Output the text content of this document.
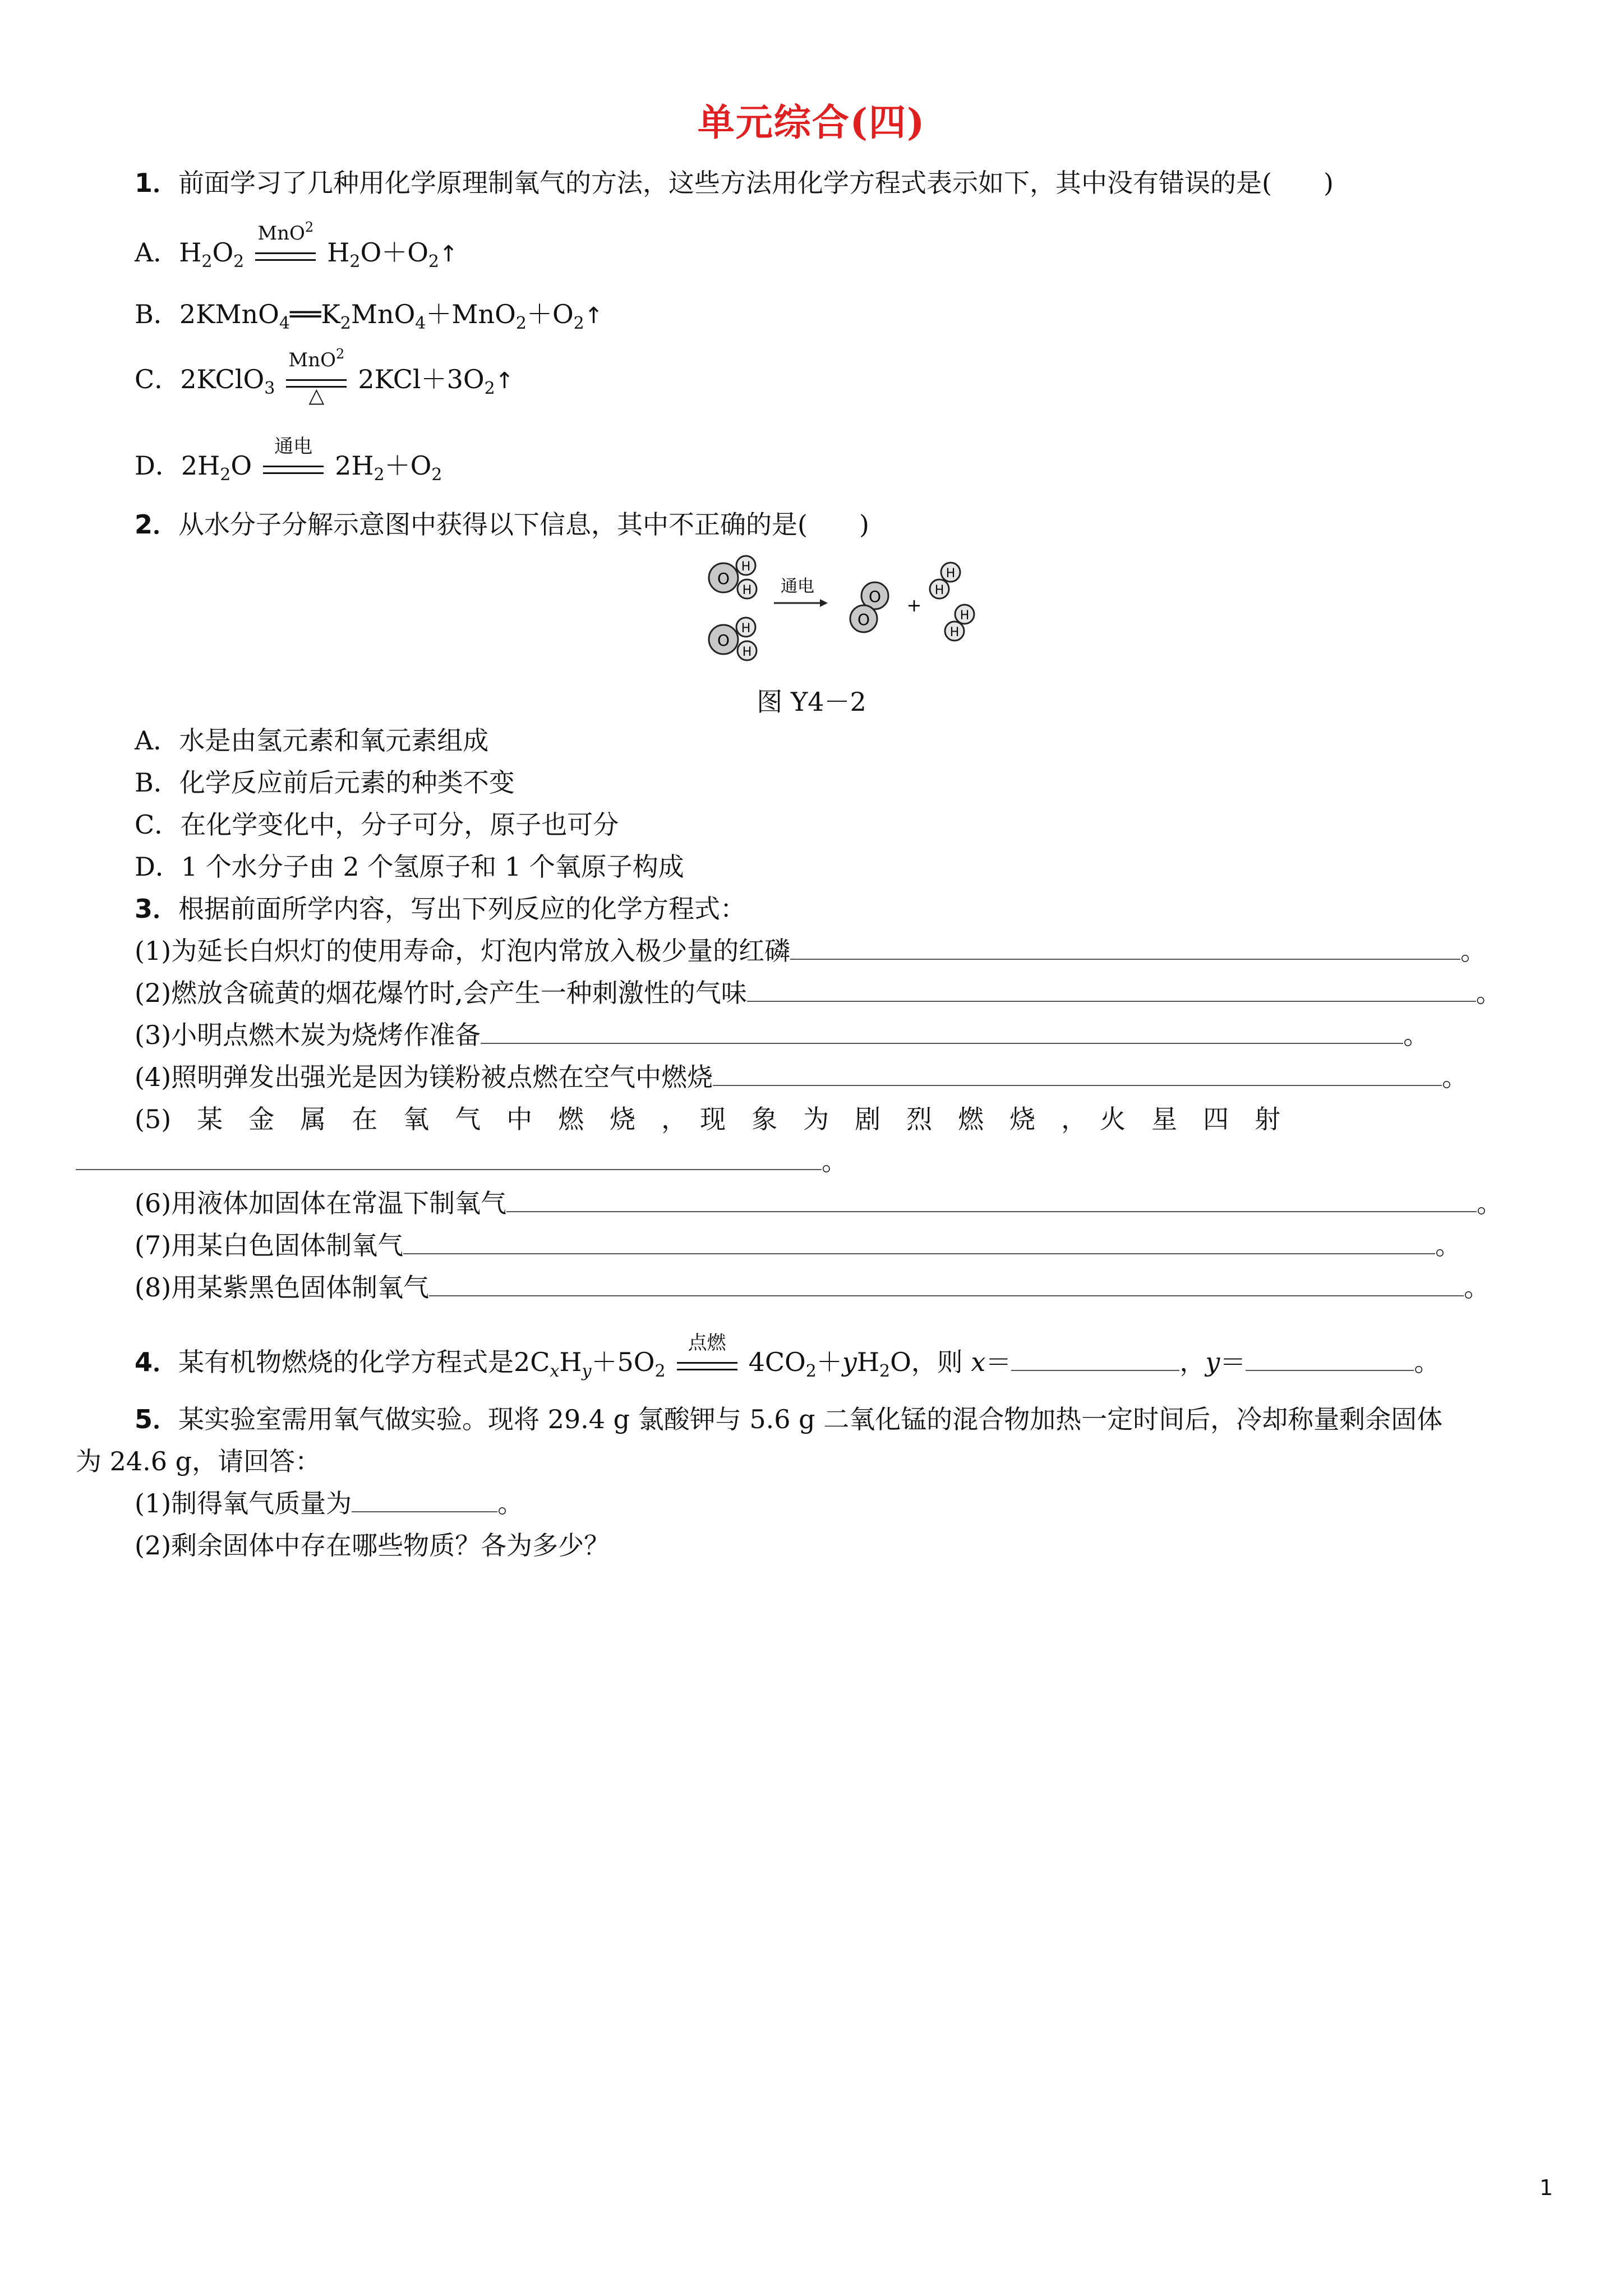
单元综合(四)
1．前面学习了几种用化学原理制氧气的方法，这些方法用化学方程式表示如下，其中没有错误的是(　　)
A．$H_2O_2$
MnO$^2$
$H_2O+O_2↑$
B．$2KMnO_4══K_2MnO_4+MnO_2+O_2↑$
C．2KClO$_3$
MnO$^2$
△
$2KCl+3O_2↑$
D．$2H_2O$
通电
$2H_2+O_2$
2．从水分子分解示意图中获得以下信息，其中不正确的是(　　)
O
H
H
O
H
H
通电
O
O
+
H
H
H
H
图 Y4－2
A．水是由氢元素和氧元素组成
B．化学反应前后元素的种类不变
C．在化学变化中，分子可分，原子也可分
D．1 个水分子由 2 个氢原子和 1 个氧原子构成
3．根据前面所学内容，写出下列反应的化学方程式：
(1)为延长白炽灯的使用寿命，灯泡内常放入极少量的红磷	。
(2)燃放含硫黄的烟花爆竹时,会产生一种刺激性的气味	。
(3)小明点燃木炭为烧烤作准备	。
(4)照明弹发出强光是因为镁粉被点燃在空气中燃烧	。
(5)　某　金　属　在　氧　气　中　燃　烧　，　现　象　为　剧　烈　燃　烧　，　火　星　四　射
。
(6)用液体加固体在常温下制氧气	。
(7)用某白色固体制氧气	。
(8)用某紫黑色固体制氧气	。
4．某有机物燃烧的化学方程式是$2C_xH_y+5O_2$
点燃
$4CO_2+yH_2O$，则 x＝	，y＝	。
5．某实验室需用氧气做实验。现将 29.4 g 氯酸钾与 5.6 g 二氧化锰的混合物加热一定时间后，冷却称量剩余固体
为 24.6 g，请回答：
(1)制得氧气质量为	。
(2)剩余固体中存在哪些物质？各为多少？
1
